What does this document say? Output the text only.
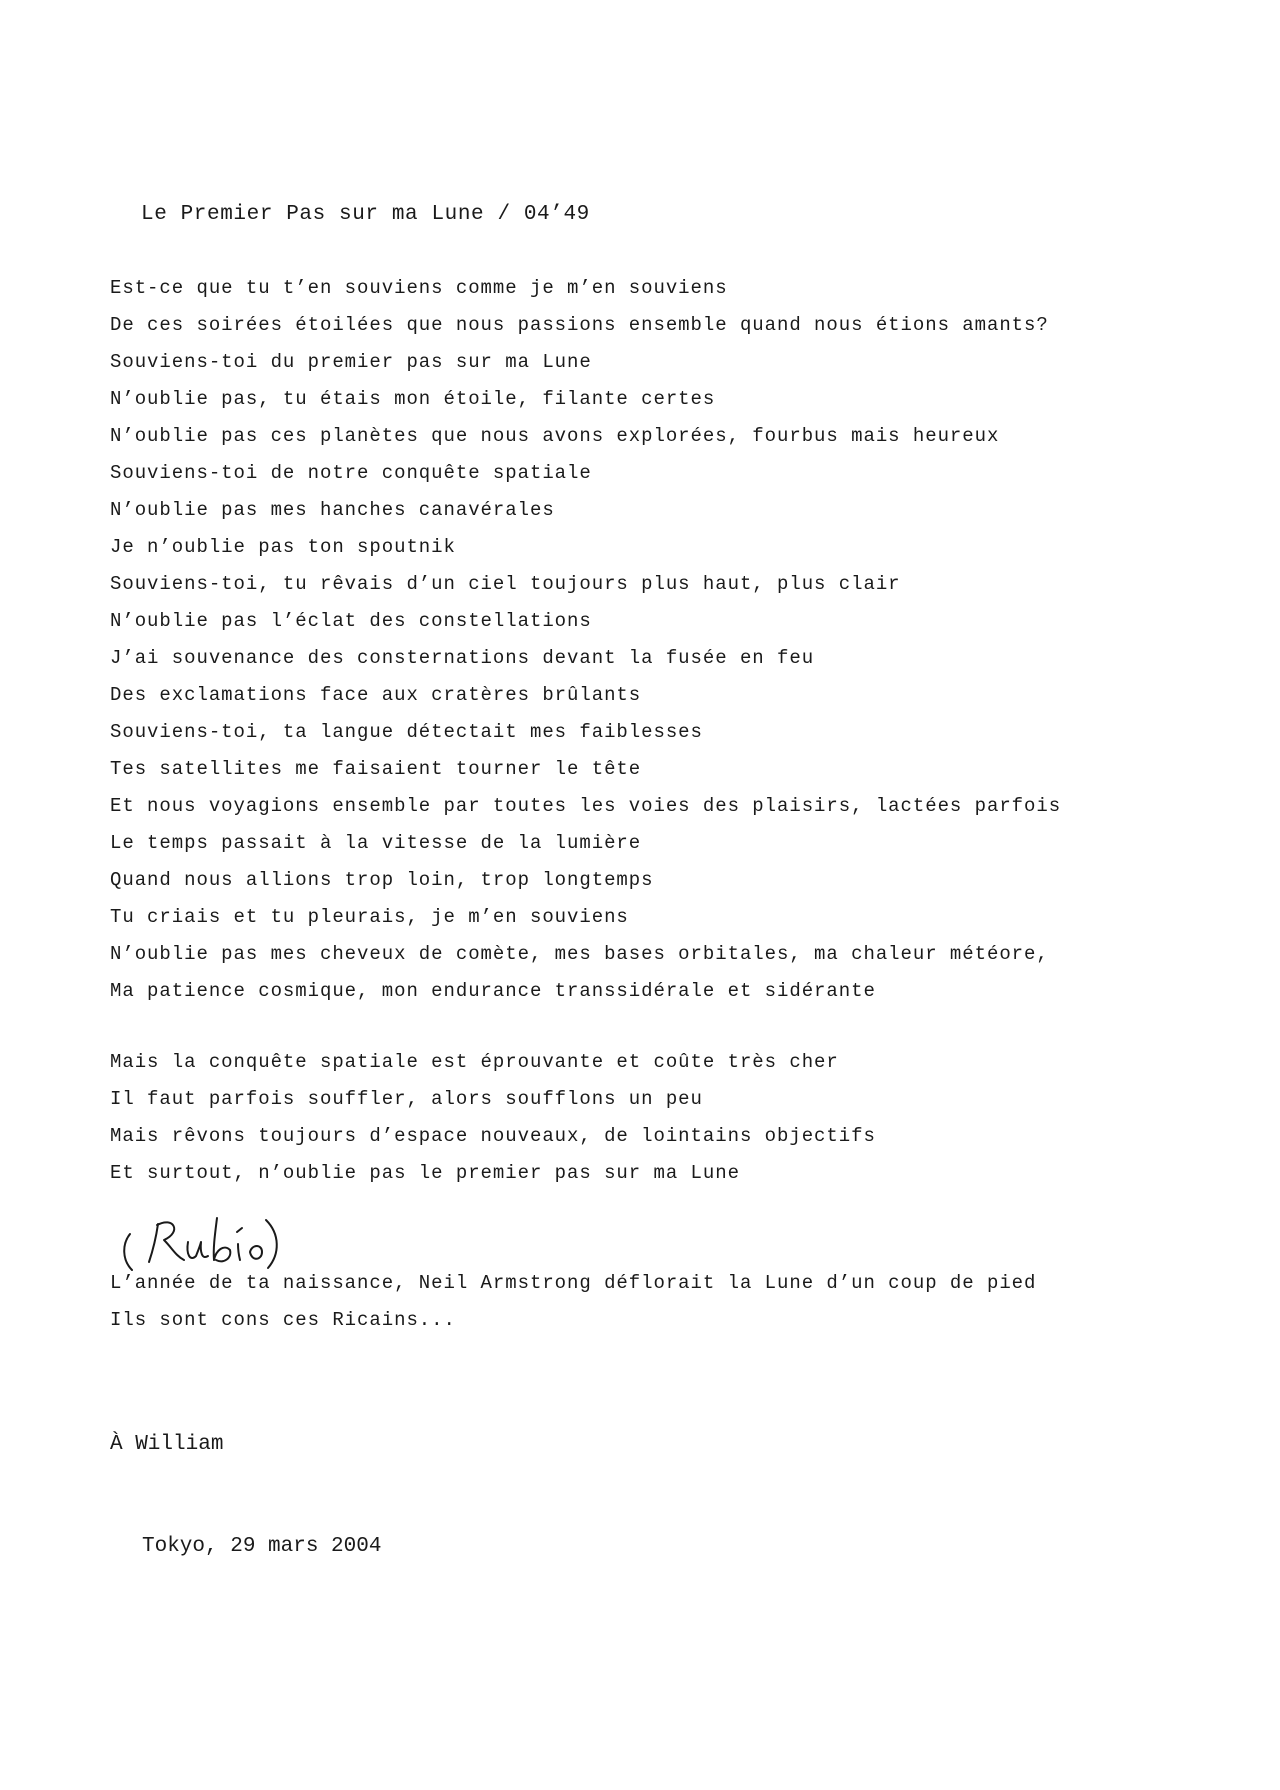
Le Premier Pas sur ma Lune / 04’49
Est-ce que tu t’en souviens comme je m’en souviens
De ces soirées étoilées que nous passions ensemble quand nous étions amants?
Souviens-toi du premier pas sur ma Lune
N’oublie pas, tu étais mon étoile, filante certes
N’oublie pas ces planètes que nous avons explorées, fourbus mais heureux
Souviens-toi de notre conquête spatiale
N’oublie pas mes hanches canavérales
Je n’oublie pas ton spoutnik
Souviens-toi, tu rêvais d’un ciel toujours plus haut, plus clair
N’oublie pas l’éclat des constellations
J’ai souvenance des consternations devant la fusée en feu
Des exclamations face aux cratères brûlants
Souviens-toi, ta langue détectait mes faiblesses
Tes satellites me faisaient tourner le tête
Et nous voyagions ensemble par toutes les voies des plaisirs, lactées parfois
Le temps passait à la vitesse de la lumière
Quand nous allions trop loin, trop longtemps
Tu criais et tu pleurais, je m’en souviens
N’oublie pas mes cheveux de comète, mes bases orbitales, ma chaleur météore,
Ma patience cosmique, mon endurance transsidérale et sidérante
Mais la conquête spatiale est éprouvante et coûte très cher
Il faut parfois souffler, alors soufflons un peu
Mais rêvons toujours d’espace nouveaux, de lointains objectifs
Et surtout, n’oublie pas le premier pas sur ma Lune
L’année de ta naissance, Neil Armstrong déflorait la Lune d’un coup de pied
Ils sont cons ces Ricains...

À William

Tokyo, 29 mars 2004
